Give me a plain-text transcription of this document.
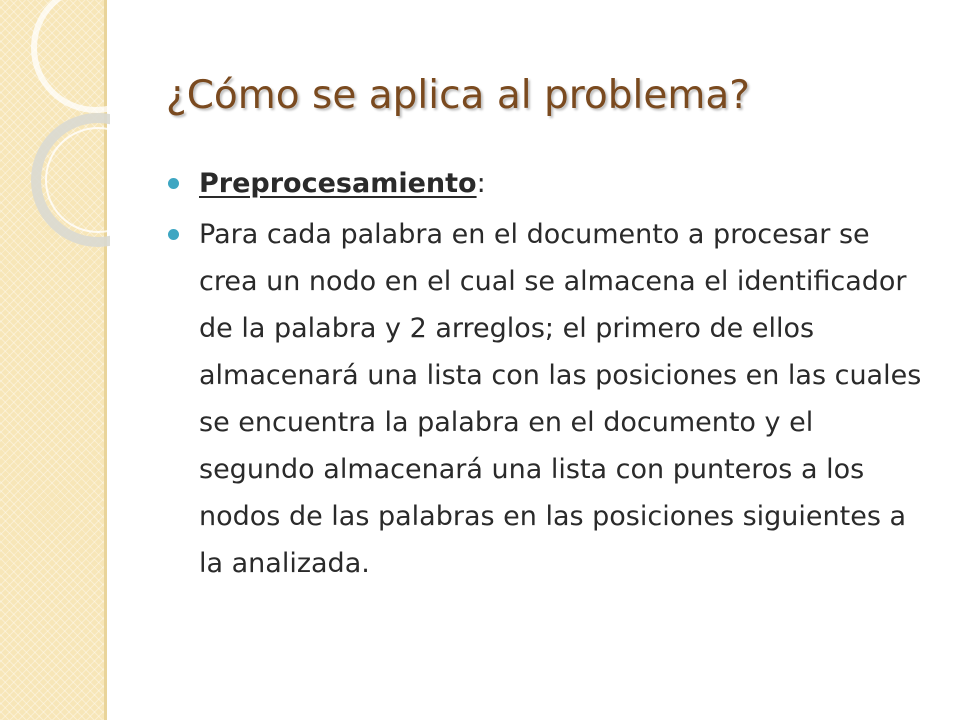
¿Cómo se aplica al problema?
Preprocesamiento:
Para cada palabra en el documento a procesar se crea un nodo en el cual se almacena el identificador de la palabra y 2 arreglos; el primero de ellos almacenará una lista con las posiciones en las cuales se encuentra la palabra en el documento y el segundo almacenará una lista con punteros a los nodos de las palabras en las posiciones siguientes a la analizada.
